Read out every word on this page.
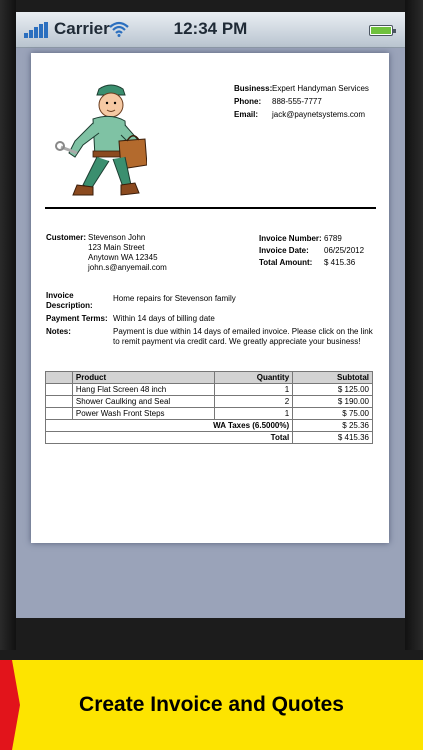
Carrier	12:34 PM
Business: Expert Handyman Services
Phone:	888-555-7777
Email:	jack@paynetsystems.com
Customer: Stevenson John
123 Main Street
Anytown WA 12345
john.s@anyemail.com
Invoice Number: 6789
Invoice Date:	06/25/2012
Total Amount:	$ 415.36
Invoice Description:
Home repairs for Stevenson family
Payment Terms: Within 14 days of billing date
Notes:	Payment is due within 14 days of emailed invoice. Please click on the link to remit payment via credit card. We greatly appreciate your business!
	Product	Quantity	Subtotal
	Hang Flat Screen 48 inch	1	$ 125.00
	Shower Caulking and Seal	2	$ 190.00
	Power Wash Front Steps	1	$ 75.00
WA Taxes (6.5000%)			$ 25.36
Total			$ 415.36
Create Invoice and Quotes
